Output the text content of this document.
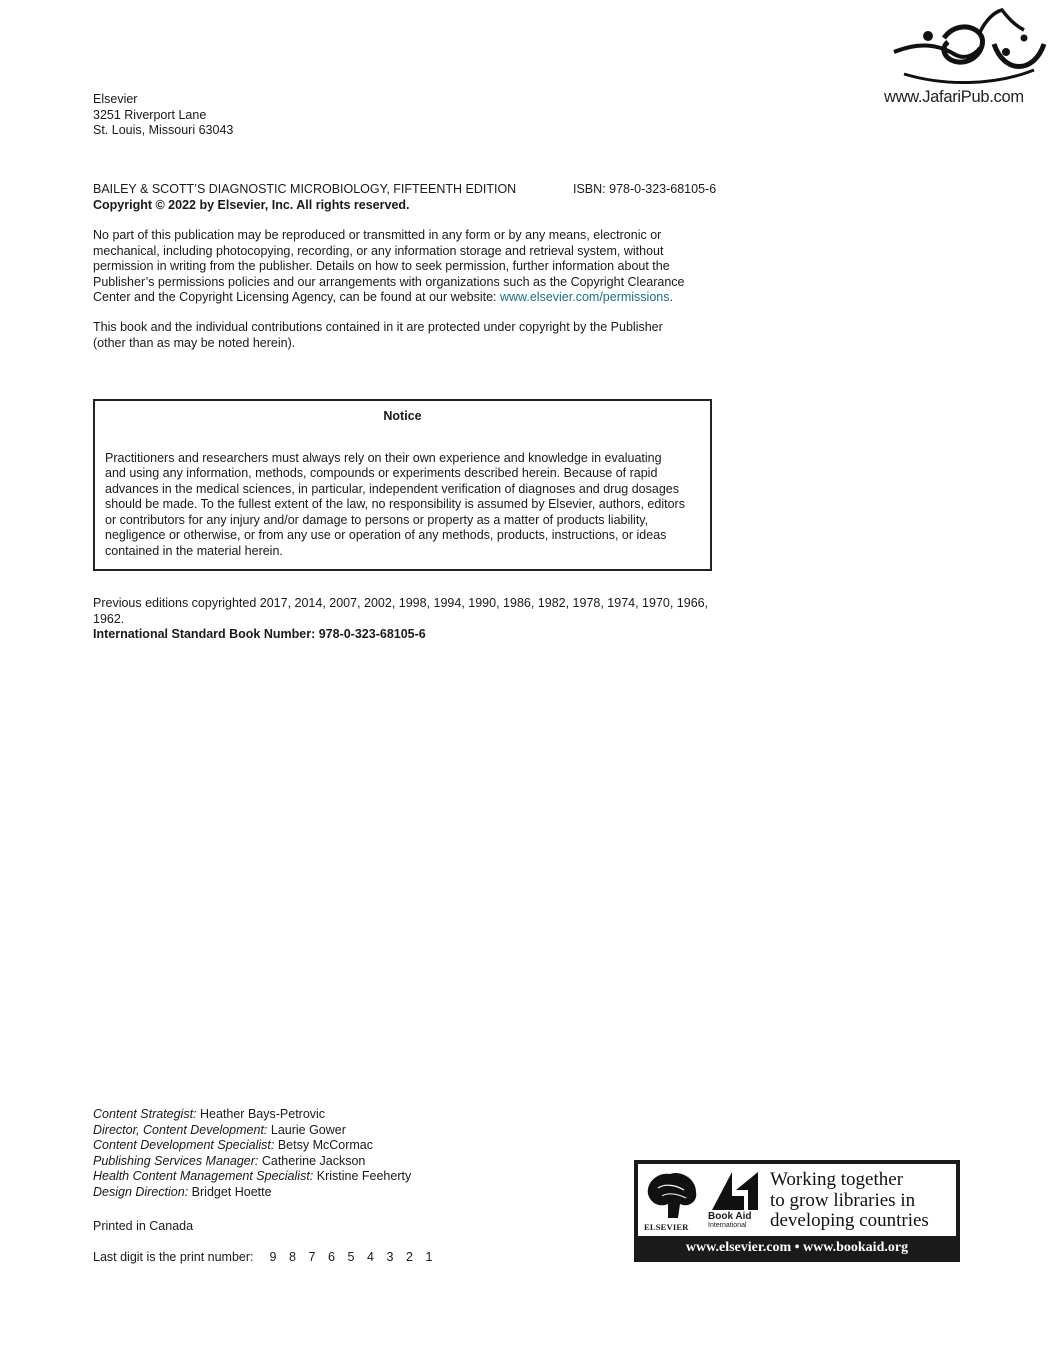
www.JafariPub.com
Elsevier
3251 Riverport Lane
St. Louis, Missouri 63043
BAILEY & SCOTT’S DIAGNOSTIC MICROBIOLOGY, FIFTEENTH EDITION	ISBN: 978-0-323-68105-6
Copyright © 2022 by Elsevier, Inc. All rights reserved.
No part of this publication may be reproduced or transmitted in any form or by any means, electronic or
mechanical, including photocopying, recording, or any information storage and retrieval system, without
permission in writing from the publisher. Details on how to seek permission, further information about the
Publisher’s permissions policies and our arrangements with organizations such as the Copyright Clearance
Center and the Copyright Licensing Agency, can be found at our website: www.elsevier.com/permissions.
This book and the individual contributions contained in it are protected under copyright by the Publisher
(other than as may be noted herein).
Notice
Practitioners and researchers must always rely on their own experience and knowledge in evaluating
and using any information, methods, compounds or experiments described herein. Because of rapid
advances in the medical sciences, in particular, independent verification of diagnoses and drug dosages
should be made. To the fullest extent of the law, no responsibility is assumed by Elsevier, authors, editors
or contributors for any injury and/or damage to persons or property as a matter of products liability,
negligence or otherwise, or from any use or operation of any methods, products, instructions, or ideas
contained in the material herein.
Previous editions copyrighted 2017, 2014, 2007, 2002, 1998, 1994, 1990, 1986, 1982, 1978, 1974, 1970, 1966, 1962.
International Standard Book Number: 978-0-323-68105-6
Content Strategist: Heather Bays-Petrovic
Director, Content Development: Laurie Gower
Content Development Specialist: Betsy McCormac
Publishing Services Manager: Catherine Jackson
Health Content Management Specialist: Kristine Feeherty
Design Direction: Bridget Hoette
Printed in Canada
Last digit is the print number: 9 8 7 6 5 4 3 2 1
ELSEVIER
Book Aid
International
Working together
to grow libraries in
developing countries
www.elsevier.com • www.bookaid.org
